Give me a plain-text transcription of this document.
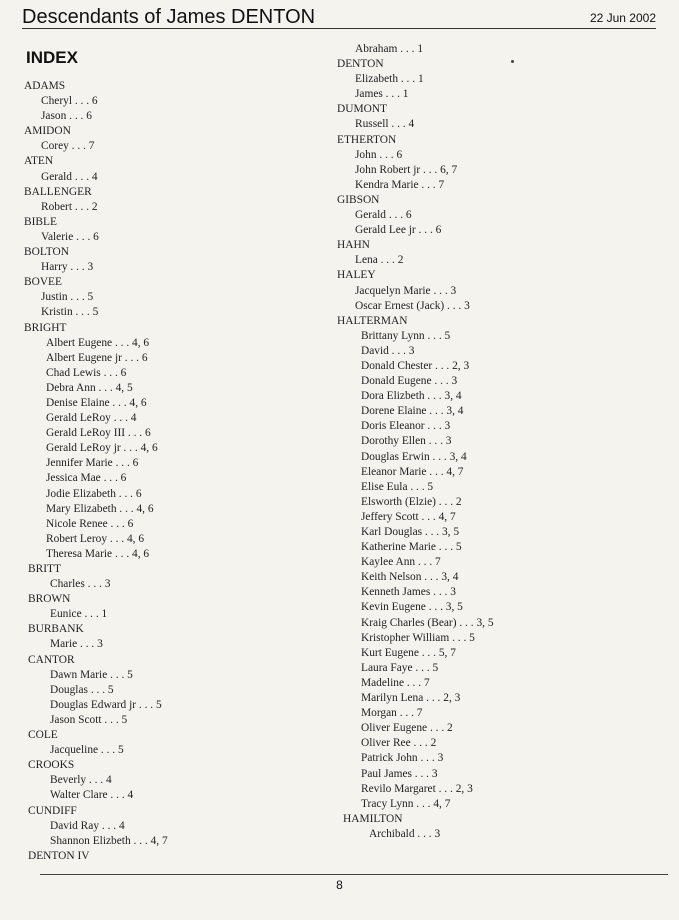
Descendants of James DENTON	22 Jun 2002
INDEX
ADAMS
Cheryl . . . 6
Jason . . . 6
AMIDON
Corey . . . 7
ATEN
Gerald . . . 4
BALLENGER
Robert . . . 2
BIBLE
Valerie . . . 6
BOLTON
Harry . . . 3
BOVEE
Justin . . . 5
Kristin . . . 5
BRIGHT
Albert Eugene . . . 4, 6
Albert Eugene jr . . . 6
Chad Lewis . . . 6
Debra Ann . . . 4, 5
Denise Elaine . . . 4, 6
Gerald LeRoy . . . 4
Gerald LeRoy III . . . 6
Gerald LeRoy jr . . . 4, 6
Jennifer Marie . . . 6
Jessica Mae . . . 6
Jodie Elizabeth . . . 6
Mary Elizabeth . . . 4, 6
Nicole Renee . . . 6
Robert Leroy . . . 4, 6
Theresa Marie . . . 4, 6
BRITT
Charles . . . 3
BROWN
Eunice . . . 1
BURBANK
Marie . . . 3
CANTOR
Dawn Marie . . . 5
Douglas . . . 5
Douglas Edward jr . . . 5
Jason Scott . . . 5
COLE
Jacqueline . . . 5
CROOKS
Beverly . . . 4
Walter Clare . . . 4
CUNDIFF
David Ray . . . 4
Shannon Elizbeth . . . 4, 7
DENTON IV
Abraham . . . 1
DENTON
Elizabeth . . . 1
James . . . 1
DUMONT
Russell . . . 4
ETHERTON
John . . . 6
John Robert jr . . . 6, 7
Kendra Marie . . . 7
GIBSON
Gerald . . . 6
Gerald Lee jr . . . 6
HAHN
Lena . . . 2
HALEY
Jacquelyn Marie . . . 3
Oscar Ernest (Jack) . . . 3
HALTERMAN
Brittany Lynn . . . 5
David . . . 3
Donald Chester . . . 2, 3
Donald Eugene . . . 3
Dora Elizbeth . . . 3, 4
Dorene Elaine . . . 3, 4
Doris Eleanor . . . 3
Dorothy Ellen . . . 3
Douglas Erwin . . . 3, 4
Eleanor Marie . . . 4, 7
Elise Eula . . . 5
Elsworth (Elzie) . . . 2
Jeffery Scott . . . 4, 7
Karl Douglas . . . 3, 5
Katherine Marie . . . 5
Kaylee Ann . . . 7
Keith Nelson . . . 3, 4
Kenneth James . . . 3
Kevin Eugene . . . 3, 5
Kraig Charles (Bear) . . . 3, 5
Kristopher William . . . 5
Kurt Eugene . . . 5, 7
Laura Faye . . . 5
Madeline . . . 7
Marilyn Lena . . . 2, 3
Morgan . . . 7
Oliver Eugene . . . 2
Oliver Ree . . . 2
Patrick John . . . 3
Paul James . . . 3
Revilo Margaret . . . 2, 3
Tracy Lynn . . . 4, 7
HAMILTON
Archibald . . . 3
8
